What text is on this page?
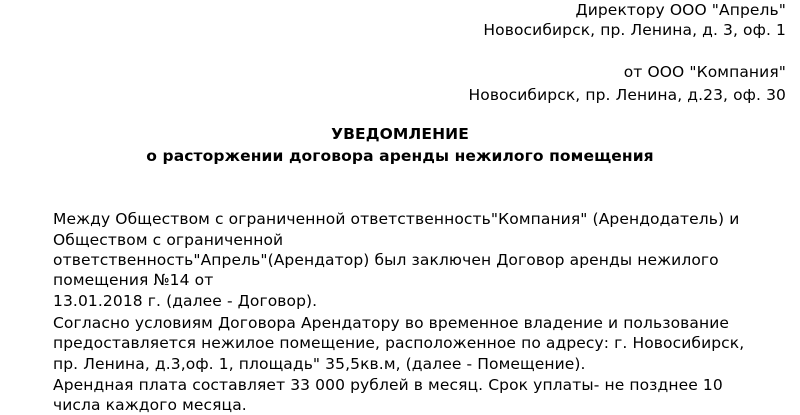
Директору ООО "Апрель"
Новосибирск, пр. Ленина, д. 3, оф. 1
от ООО "Компания"
Новосибирск, пр. Ленина, д.23, оф. 30
УВЕДОМЛЕНИЕ
о расторжении договора аренды нежилого помещения
Между Обществом с ограниченной ответственность"Компания" (Арендодатель) и
Обществом с ограниченной
ответственность"Апрель"(Арендатор) был заключен Договор аренды нежилого
помещения №14 от
13.01.2018 г. (далее - Договор).
Согласно условиям Договора Арендатору во временное владение и пользование
предоставляется нежилое помещение, расположенное по адресу: г. Новосибирск,
пр. Ленина, д.3,оф. 1, площадь" 35,5кв.м, (далее - Помещение).
Арендная плата составляет 33 000 рублей в месяц. Срок уплаты- не позднее 10
числа каждого месяца.
